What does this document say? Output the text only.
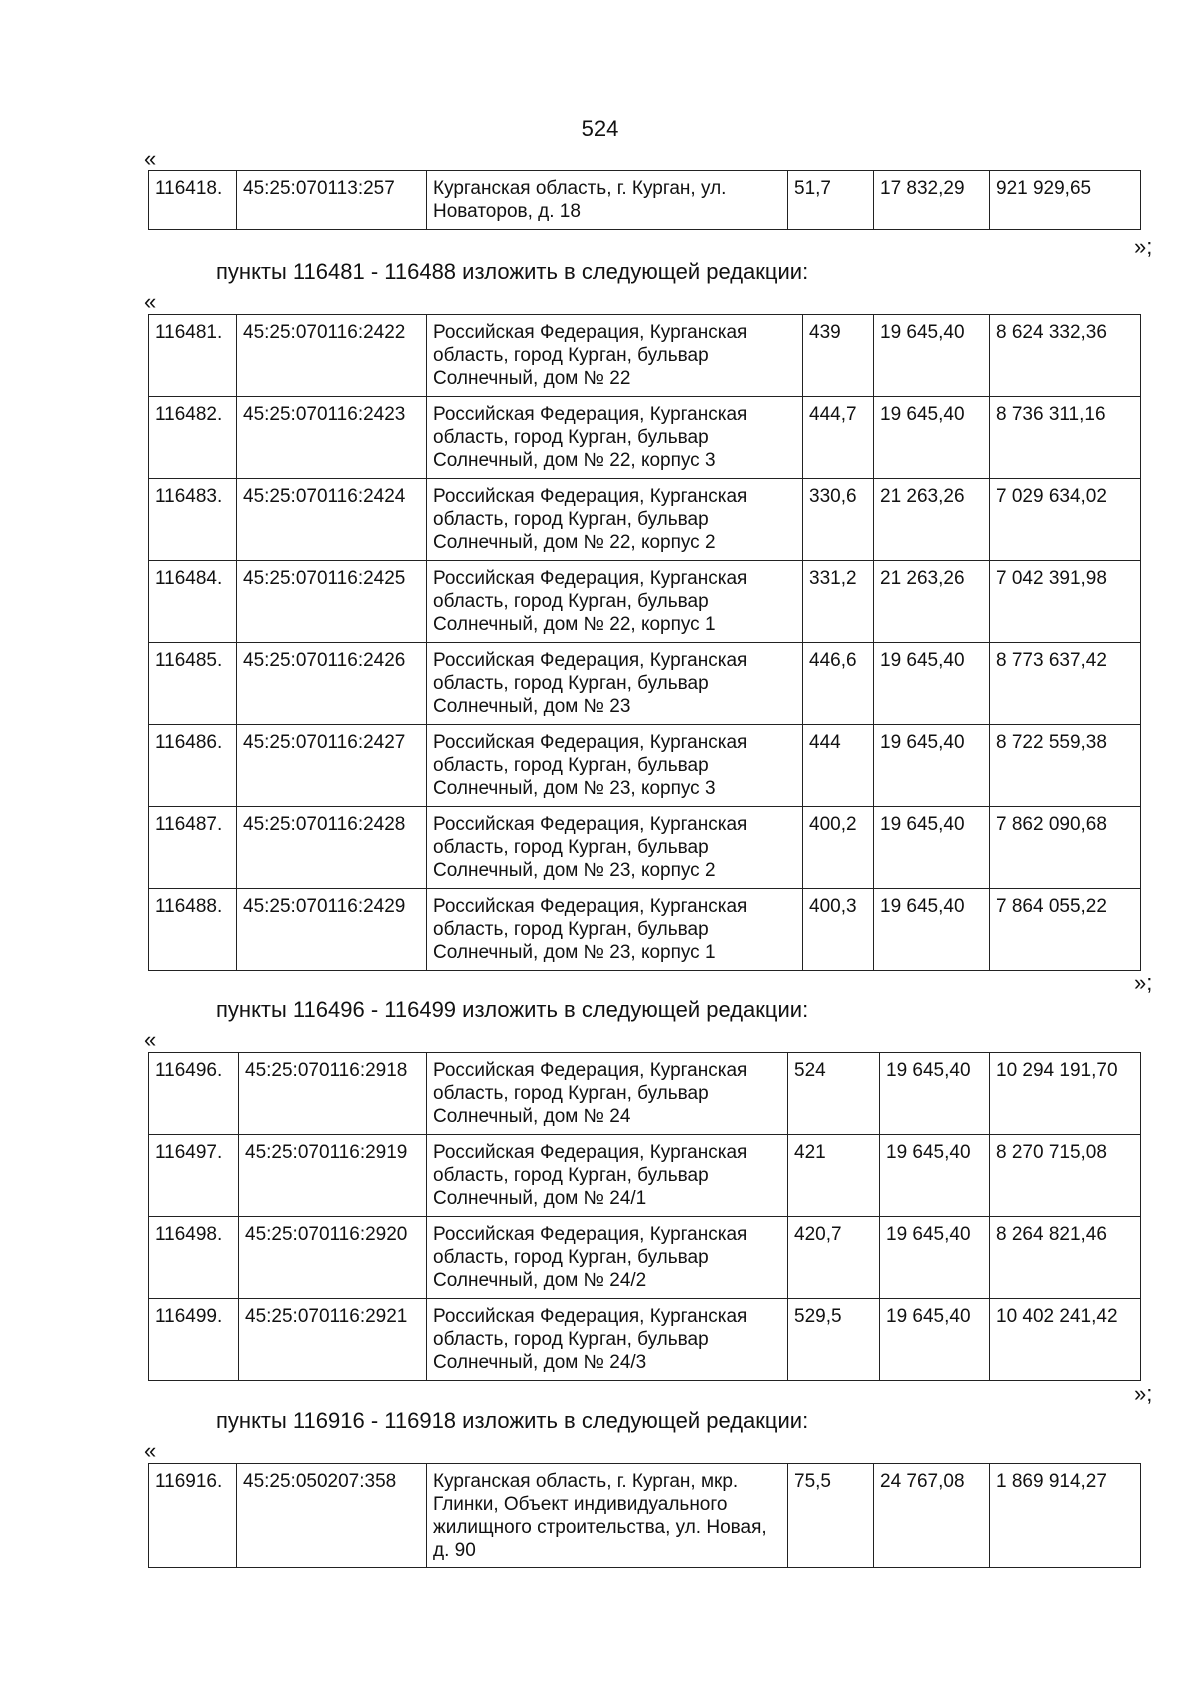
524
«
116418.	45:25:070113:257	Курганская область, г. Курган, ул. Новаторов, д. 18	51,7	17 832,29	921 929,65
»;
пункты 116481 - 116488 изложить в следующей редакции:
«
116481.	45:25:070116:2422	Российская Федерация, Курганская область, город Курган, бульвар Солнечный, дом № 22	439	19 645,40	8 624 332,36
116482.	45:25:070116:2423	Российская Федерация, Курганская область, город Курган, бульвар Солнечный, дом № 22, корпус 3	444,7	19 645,40	8 736 311,16
116483.	45:25:070116:2424	Российская Федерация, Курганская область, город Курган, бульвар Солнечный, дом № 22, корпус 2	330,6	21 263,26	7 029 634,02
116484.	45:25:070116:2425	Российская Федерация, Курганская область, город Курган, бульвар Солнечный, дом № 22, корпус 1	331,2	21 263,26	7 042 391,98
116485.	45:25:070116:2426	Российская Федерация, Курганская область, город Курган, бульвар Солнечный, дом № 23	446,6	19 645,40	8 773 637,42
116486.	45:25:070116:2427	Российская Федерация, Курганская область, город Курган, бульвар Солнечный, дом № 23, корпус 3	444	19 645,40	8 722 559,38
116487.	45:25:070116:2428	Российская Федерация, Курганская область, город Курган, бульвар Солнечный, дом № 23, корпус 2	400,2	19 645,40	7 862 090,68
116488.	45:25:070116:2429	Российская Федерация, Курганская область, город Курган, бульвар Солнечный, дом № 23, корпус 1	400,3	19 645,40	7 864 055,22
»;
пункты 116496 - 116499 изложить в следующей редакции:
«
116496.	45:25:070116:2918	Российская Федерация, Курганская область, город Курган, бульвар Солнечный, дом № 24	524	19 645,40	10 294 191,70
116497.	45:25:070116:2919	Российская Федерация, Курганская область, город Курган, бульвар Солнечный, дом № 24/1	421	19 645,40	8 270 715,08
116498.	45:25:070116:2920	Российская Федерация, Курганская область, город Курган, бульвар Солнечный, дом № 24/2	420,7	19 645,40	8 264 821,46
116499.	45:25:070116:2921	Российская Федерация, Курганская область, город Курган, бульвар Солнечный, дом № 24/3	529,5	19 645,40	10 402 241,42
»;
пункты 116916 - 116918 изложить в следующей редакции:
«
116916.	45:25:050207:358	Курганская область, г. Курган, мкр. Глинки, Объект индивидуального жилищного строительства, ул. Новая, д. 90	75,5	24 767,08	1 869 914,27
